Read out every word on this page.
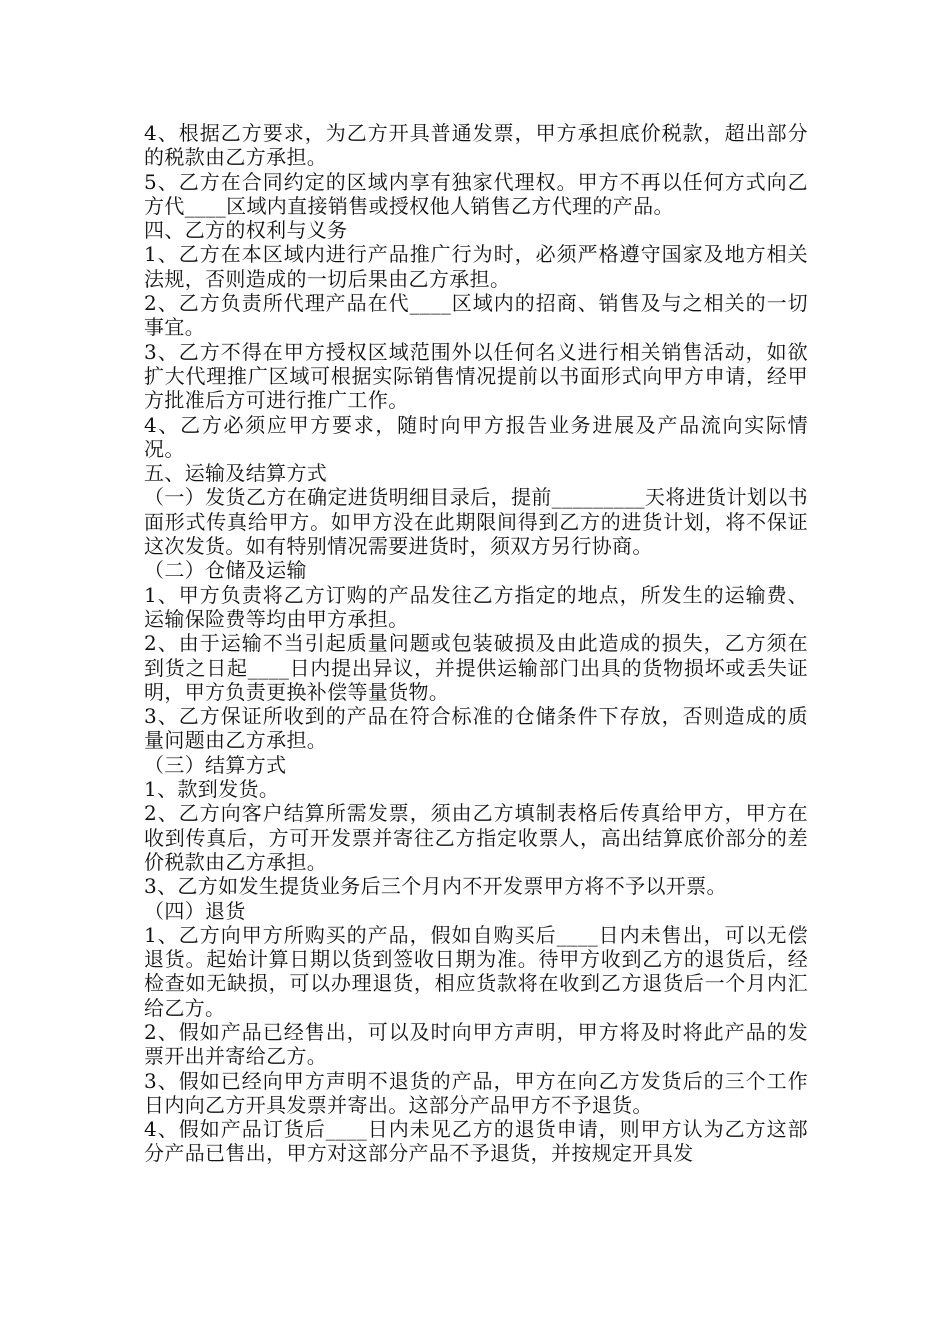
4、根据乙方要求，为乙方开具普通发票，甲方承担底价税款，超出部分的税款由乙方承担。

5、乙方在合同约定的区域内享有独家代理权。甲方不再以任何方式向乙方代____区域内直接销售或授权他人销售乙方代理的产品。

四、乙方的权利与义务

1、乙方在本区域内进行产品推广行为时，必须严格遵守国家及地方相关法规，否则造成的一切后果由乙方承担。

2、乙方负责所代理产品在代____区域内的招商、销售及与之相关的一切事宜。

3、乙方不得在甲方授权区域范围外以任何名义进行相关销售活动，如欲扩大代理推广区域可根据实际销售情况提前以书面形式向甲方申请，经甲方批准后方可进行推广工作。

4、乙方必须应甲方要求，随时向甲方报告业务进展及产品流向实际情况。

五、运输及结算方式

（一）发货乙方在确定进货明细目录后，提前_________天将进货计划以书面形式传真给甲方。如甲方没在此期限间得到乙方的进货计划，将不保证这次发货。如有特别情况需要进货时，须双方另行协商。

（二）仓储及运输

1、甲方负责将乙方订购的产品发往乙方指定的地点，所发生的运输费、运输保险费等均由甲方承担。

2、由于运输不当引起质量问题或包装破损及由此造成的损失，乙方须在到货之日起____日内提出异议，并提供运输部门出具的货物损坏或丢失证明，甲方负责更换补偿等量货物。

3、乙方保证所收到的产品在符合标准的仓储条件下存放，否则造成的质量问题由乙方承担。

（三）结算方式

1、款到发货。

2、乙方向客户结算所需发票，须由乙方填制表格后传真给甲方，甲方在收到传真后，方可开发票并寄往乙方指定收票人，高出结算底价部分的差价税款由乙方承担。

3、乙方如发生提货业务后三个月内不开发票甲方将不予以开票。

（四）退货

1、乙方向甲方所购买的产品，假如自购买后____日内未售出，可以无偿退货。起始计算日期以货到签收日期为准。待甲方收到乙方的退货后，经检查如无缺损，可以办理退货，相应货款将在收到乙方退货后一个月内汇给乙方。

2、假如产品已经售出，可以及时向甲方声明，甲方将及时将此产品的发票开出并寄给乙方。

3、假如已经向甲方声明不退货的产品，甲方在向乙方发货后的三个工作日内向乙方开具发票并寄出。这部分产品甲方不予退货。

4、假如产品订货后____日内未见乙方的退货申请，则甲方认为乙方这部分产品已售出，甲方对这部分产品不予退货，并按规定开具发
